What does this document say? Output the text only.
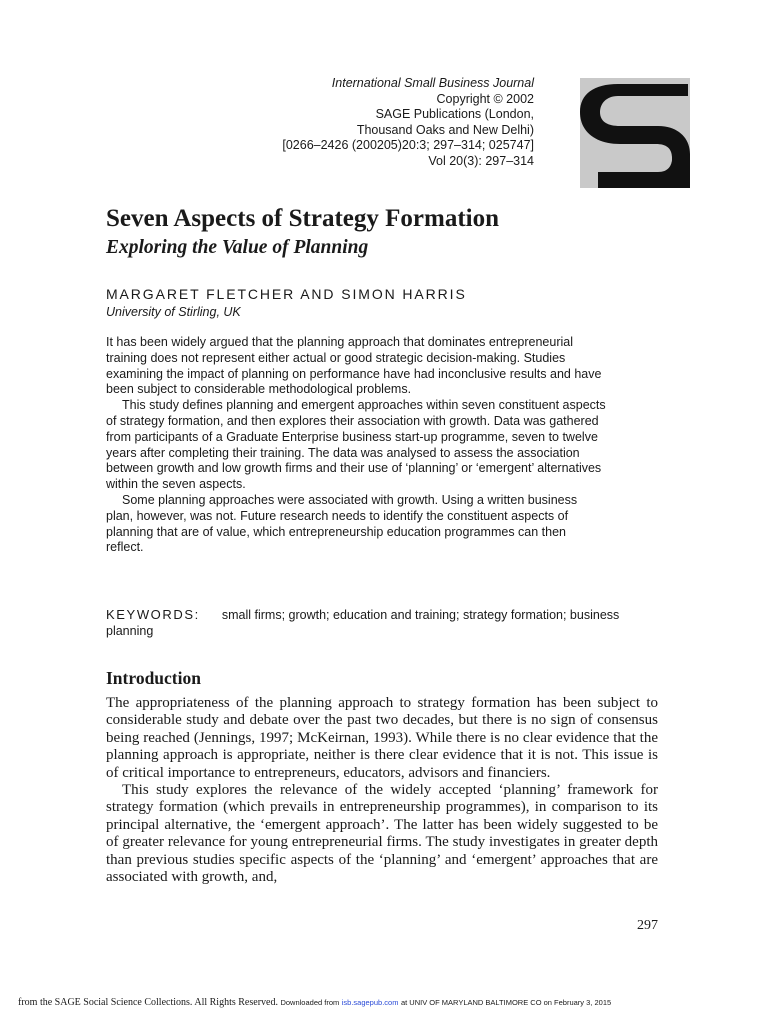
International Small Business Journal
Copyright © 2002
SAGE Publications (London,
Thousand Oaks and New Delhi)
[0266–2426 (200205)20:3; 297–314; 025747]
Vol 20(3): 297–314
Seven Aspects of Strategy Formation
Exploring the Value of Planning
MARGARET FLETCHER AND SIMON HARRIS
University of Stirling, UK

It has been widely argued that the planning approach that dominates entrepreneurial training does not represent either actual or good strategic decision-making. Studies examining the impact of planning on performance have had inconclusive results and have been subject to considerable methodological problems.

This study defines planning and emergent approaches within seven constituent aspects of strategy formation, and then explores their association with growth. Data was gathered from participants of a Graduate Enterprise business start-up programme, seven to twelve years after completing their training. The data was analysed to assess the association between growth and low growth firms and their use of ‘planning’ or ‘emergent’ alternatives within the seven aspects.

Some planning approaches were associated with growth. Using a written business plan, however, was not. Future research needs to identify the constituent aspects of planning that are of value, which entrepreneurship education programmes can then reflect.

KEYWORDS: small firms; growth; education and training; strategy formation; business planning
Introduction

The appropriateness of the planning approach to strategy formation has been subject to considerable study and debate over the past two decades, but there is no sign of consensus being reached (Jennings, 1997; McKeirnan, 1993). While there is no clear evidence that the planning approach is appropriate, neither is there clear evidence that it is not. This issue is of critical importance to entrepreneurs, educators, advisors and financiers.

This study explores the relevance of the widely accepted ‘planning’ framework for strategy formation (which prevails in entrepreneurship programmes), in comparison to its principal alternative, the ‘emergent approach’. The latter has been widely suggested to be of greater relevance for young entrepreneurial firms. The study investigates in greater depth than previous studies specific aspects of the ‘planning’ and ‘emergent’ approaches that are associated with growth, and,

297
from the SAGE Social Science Collections. All Rights Reserved. Downloaded from isb.sagepub.com at UNIV OF MARYLAND BALTIMORE CO on February 3, 2015
